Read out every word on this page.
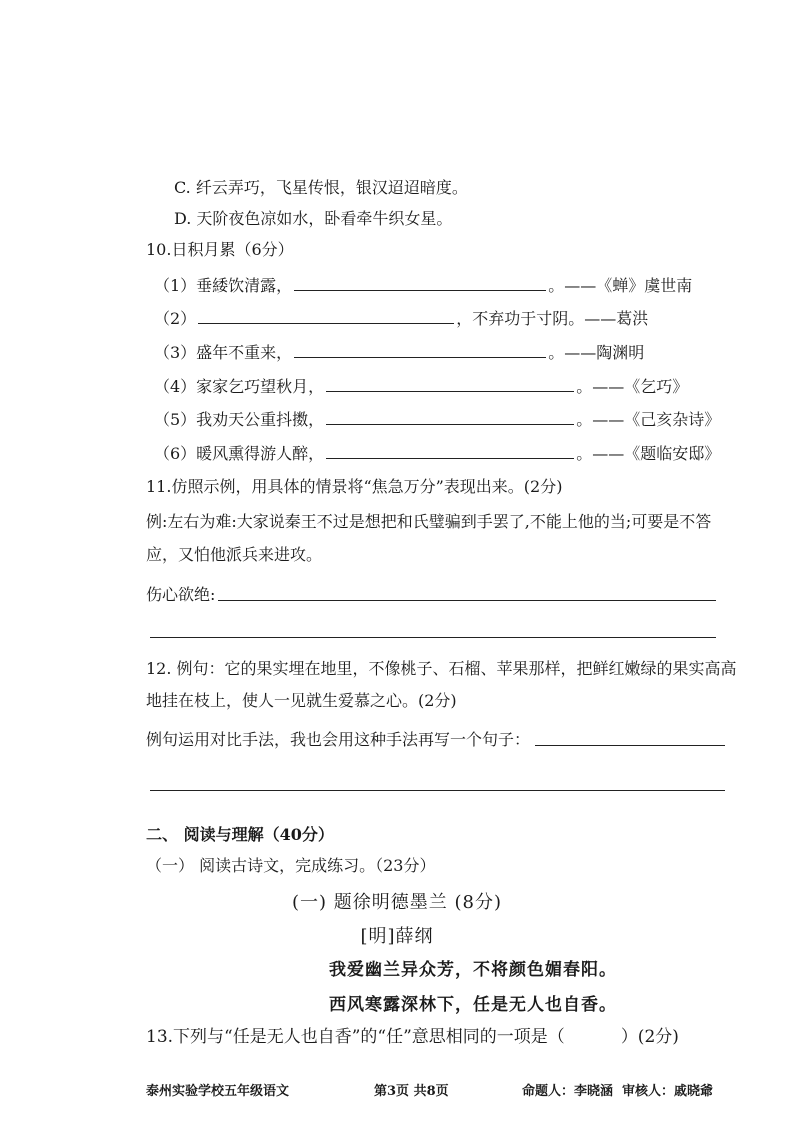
C. 纤云弄巧，飞星传恨，银汉迢迢暗度。
D. 天阶夜色凉如水，卧看牵牛织女星。
10.日积月累（6分）
（1）垂緌饮清露，	。——《蝉》虞世南
（2）	，不弃功于寸阴。——葛洪
（3）盛年不重来，	。——陶渊明
（4）家家乞巧望秋月，	。——《乞巧》
（5）我劝天公重抖擞，	。——《己亥杂诗》
（6）暖风熏得游人醉，	。——《题临安邸》
11.仿照示例，用具体的情景将“焦急万分”表现出来。(2分)
例:左右为难:大家说秦王不过是想把和氏璧骗到手罢了,不能上他的当;可要是不答
应，又怕他派兵来进攻。
伤心欲绝:
12. 例句：它的果实埋在地里，不像桃子、石榴、苹果那样，把鲜红嫩绿的果实高高
地挂在枝上，使人一见就生爱慕之心。(2分)
例句运用对比手法，我也会用这种手法再写一个句子：
二、 阅读与理解（40分）
（一） 阅读古诗文，完成练习。（23分）
(一) 题徐明德墨兰 (8分)
[明]薛纲
我爱幽兰异众芳，不将颜色媚春阳。
西风寒露深林下，任是无人也自香。
13.下列与“任是无人也自香”的“任”意思相同的一项是（	）(2分)
泰州实验学校五年级语文	第3页 共8页	命题人：李晓涵 审核人：戚晓爺
